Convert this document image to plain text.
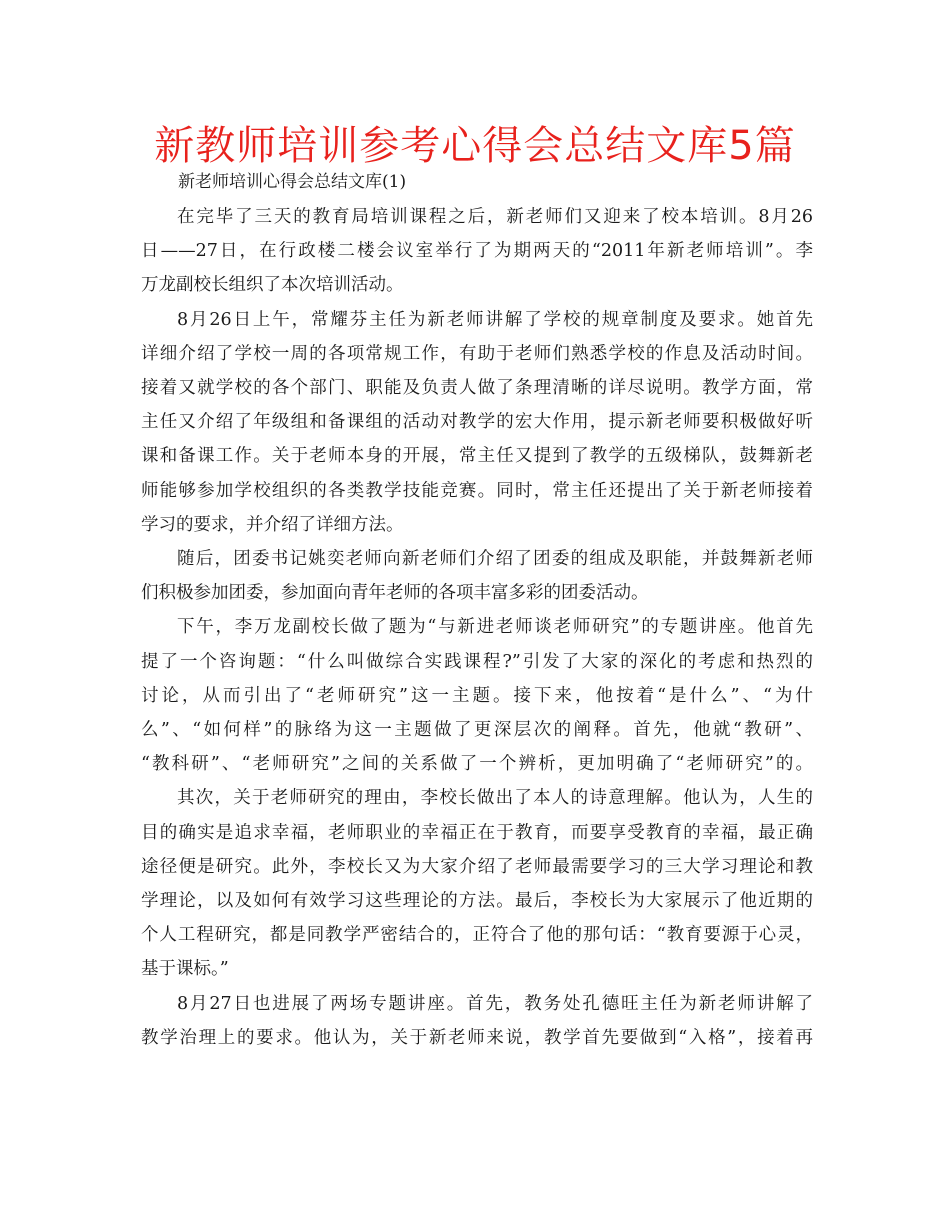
新教师培训参考心得会总结文库5篇
新老师培训心得会总结文库(1)
在完毕了三天的教育局培训课程之后，新老师们又迎来了校本培训。8月26
日——27日，在行政楼二楼会议室举行了为期两天的“2011年新老师培训”。李
万龙副校长组织了本次培训活动。
8月26日上午，常耀芬主任为新老师讲解了学校的规章制度及要求。她首先
详细介绍了学校一周的各项常规工作，有助于老师们熟悉学校的作息及活动时间。
接着又就学校的各个部门、职能及负责人做了条理清晰的详尽说明。教学方面，常
主任又介绍了年级组和备课组的活动对教学的宏大作用，提示新老师要积极做好听
课和备课工作。关于老师本身的开展，常主任又提到了教学的五级梯队，鼓舞新老
师能够参加学校组织的各类教学技能竞赛。同时，常主任还提出了关于新老师接着
学习的要求，并介绍了详细方法。
随后，团委书记姚奕老师向新老师们介绍了团委的组成及职能，并鼓舞新老师
们积极参加团委，参加面向青年老师的各项丰富多彩的团委活动。
下午，李万龙副校长做了题为“与新进老师谈老师研究”的专题讲座。他首先
提了一个咨询题：“什么叫做综合实践课程?”引发了大家的深化的考虑和热烈的
讨论，从而引出了“老师研究”这一主题。接下来，他按着“是什么”、“为什
么”、“如何样”的脉络为这一主题做了更深层次的阐释。首先，他就“教研”、
“教科研”、“老师研究”之间的关系做了一个辨析，更加明确了“老师研究”的。
其次，关于老师研究的理由，李校长做出了本人的诗意理解。他认为，人生的
目的确实是追求幸福，老师职业的幸福正在于教育，而要享受教育的幸福，最正确
途径便是研究。此外，李校长又为大家介绍了老师最需要学习的三大学习理论和教
学理论，以及如何有效学习这些理论的方法。最后，李校长为大家展示了他近期的
个人工程研究，都是同教学严密结合的，正符合了他的那句话：“教育要源于心灵，
基于课标。”
8月27日也进展了两场专题讲座。首先，教务处孔德旺主任为新老师讲解了
教学治理上的要求。他认为，关于新老师来说，教学首先要做到“入格”，接着再
